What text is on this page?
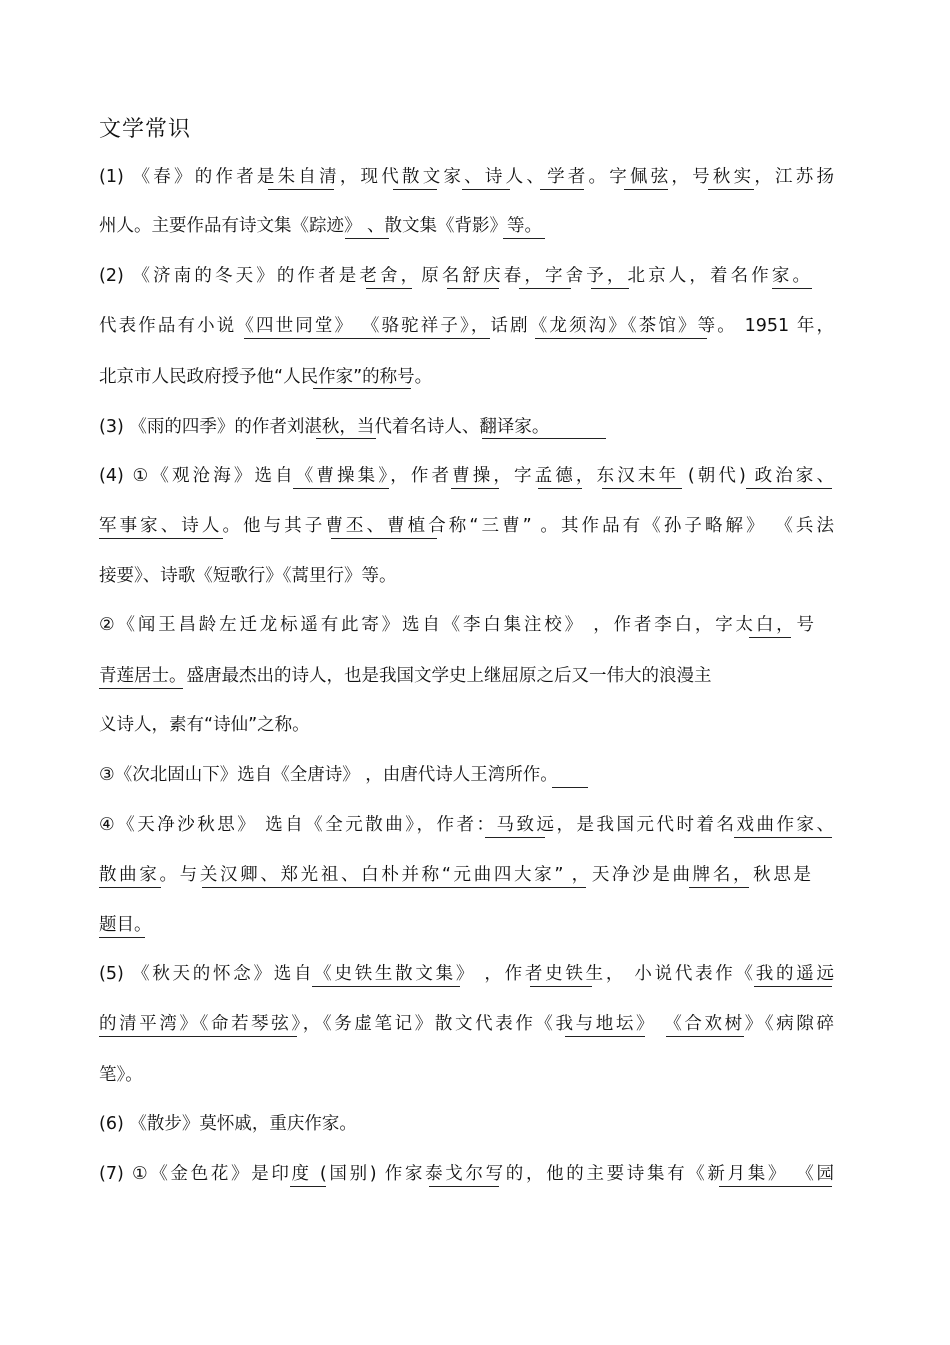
文学常识
(1) 《春》的作者是朱自清，现代散文家、诗人、学者。字佩弦，号秋实，江苏扬
州人。主要作品有诗文集《踪迹》 、散文集《背影》等。
(2) 《济南的冬天》的作者是老舍，原名舒庆春，字舍予，北京人，着名作家。
代表作品有小说《四世同堂》 《骆驼祥子》，话剧《龙须沟》《茶馆》等。 1951 年，
北京市人民政府授予他“人民作家”的称号。
(3) 《雨的四季》的作者刘湛秋，当代着名诗人、翻译家。
(4) ①《观沧海》选自《曹操集》，作者曹操，字孟德，东汉末年 (朝代) 政治家、
军事家、诗人。他与其子曹丕、曹植合称“三曹” 。其作品有《孙子略解》 《兵法
接要》、诗歌《短歌行》《蒿里行》等。
②《闻王昌龄左迁龙标遥有此寄》选自《李白集注校》 ，作者李白，字太白，号
青莲居士。盛唐最杰出的诗人，也是我国文学史上继屈原之后又一伟大的浪漫主
义诗人，素有“诗仙”之称。
③《次北固山下》选自《全唐诗》 ，由唐代诗人王湾所作。
④《天净沙秋思》 选自《全元散曲》，作者：马致远，是我国元代时着名戏曲作家、
散曲家。与关汉卿、郑光祖、白朴并称“元曲四大家” ，天净沙是曲牌名，秋思是
题目。
(5) 《秋天的怀念》选自《史铁生散文集》 ，作者史铁生， 小说代表作《我的遥远
的清平湾》《命若琴弦》，《务虚笔记》散文代表作《我与地坛》 《合欢树》《病隙碎
笔》。
(6) 《散步》莫怀戚，重庆作家。
(7) ①《金色花》是印度 (国别) 作家泰戈尔写的，他的主要诗集有《新月集》 《园
